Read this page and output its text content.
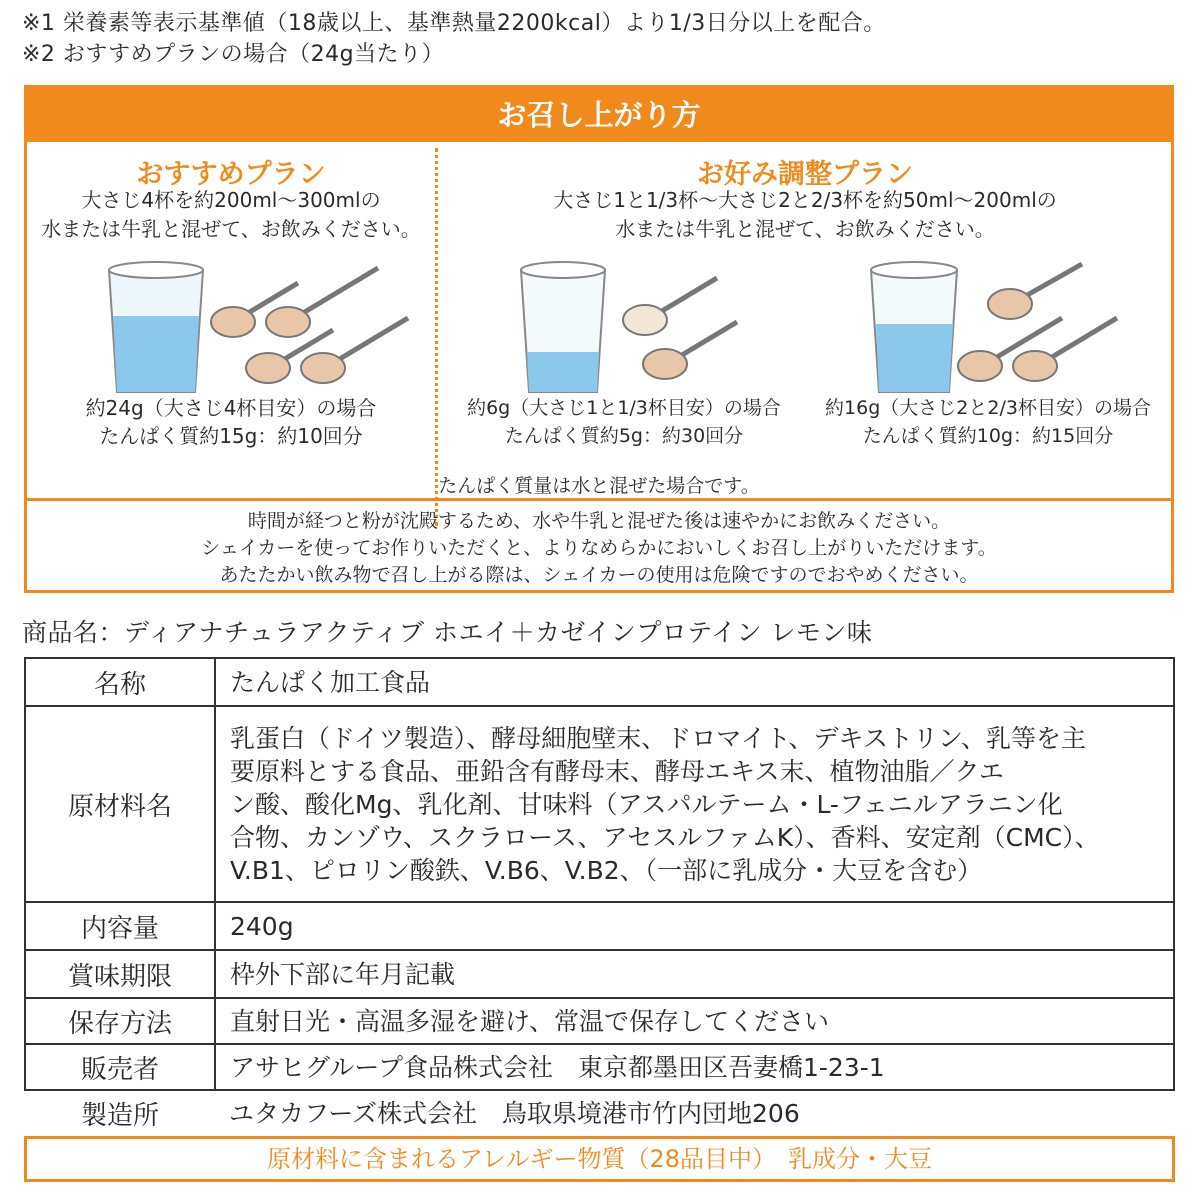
※1 栄養素等表示基準値（18歳以上、基準熱量2200kcal）より1/3日分以上を配合。
※2 おすすめプランの場合（24g当たり）
お召し上がり方
おすすめプラン
大さじ4杯を約200ml～300mlの
水または牛乳と混ぜて、お飲みください。
約24g（大さじ4杯目安）の場合
たんぱく質約15g：約10回分
お好み調整プラン
大さじ1と1/3杯～大さじ2と2/3杯を約50ml～200mlの
水または牛乳と混ぜて、お飲みください。
約6g（大さじ1と1/3杯目安）の場合
たんぱく質約5g：約30回分
約16g（大さじ2と2/3杯目安）の場合
たんぱく質約10g：約15回分
たんぱく質量は水と混ぜた場合です。
時間が経つと粉が沈殿するため、水や牛乳と混ぜた後は速やかにお飲みください。
シェイカーを使ってお作りいただくと、よりなめらかにおいしくお召し上がりいただけます。
あたたかい飲み物で召し上がる際は、シェイカーの使用は危険ですのでおやめください。
商品名：ディアナチュラアクティブ ホエイ＋カゼインプロテイン レモン味
名称	たんぱく加工食品
原材料名	乳蛋白（ドイツ製造）、酵母細胞壁末、ドロマイト、デキストリン、乳等を主
要原料とする食品、亜鉛含有酵母末、酵母エキス末、植物油脂／クエ
ン酸、酸化Mg、乳化剤、甘味料（アスパルテーム・L-フェニルアラニン化
合物、カンゾウ、スクラロース、アセスルファムK）、香料、安定剤（CMC）、
V.B1、ピロリン酸鉄、V.B6、V.B2、（一部に乳成分・大豆を含む）

内容量	240g
賞味期限	枠外下部に年月記載
保存方法	直射日光・高温多湿を避け、常温で保存してください
販売者	アサヒグループ食品株式会社　東京都墨田区吾妻橋1-23-1
製造所	ユタカフーズ株式会社　鳥取県境港市竹内団地206
原材料に含まれるアレルギー物質（28品目中）　乳成分・大豆
